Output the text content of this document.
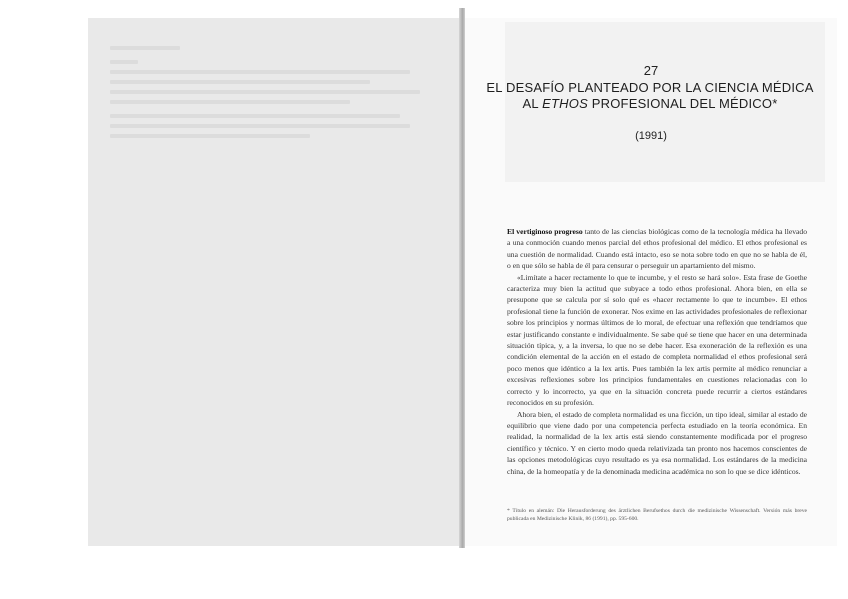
27
EL DESAFÍO PLANTEADO POR LA CIENCIA MÉDICA
AL ETHOS PROFESIONAL DEL MÉDICO*
(1991)

El vertiginoso progreso tanto de las ciencias biológicas como de la tecnología médica ha llevado a una conmoción cuando menos parcial del ethos profesional del médico. El ethos profesional es una cuestión de normalidad. Cuando está intacto, eso se nota sobre todo en que no se habla de él, o en que sólo se habla de él para censurar o perseguir un apartamiento del mismo.

«Limítate a hacer rectamente lo que te incumbe, y el resto se hará solo». Esta frase de Goethe caracteriza muy bien la actitud que subyace a todo ethos profesional. Ahora bien, en ella se presupone que se calcula por sí solo qué es «hacer rectamente lo que te incumbe». El ethos profesional tiene la función de exonerar. Nos exime en las actividades profesionales de reflexionar sobre los principios y normas últimos de lo moral, de efectuar una reflexión que tendríamos que estar justificando constante e individualmente. Se sabe qué se tiene que hacer en una determinada situación típica, y, a la inversa, lo que no se debe hacer. Esa exoneración de la reflexión es una condición elemental de la acción en el estado de completa normalidad el ethos profesional será poco menos que idéntico a la lex artis. Pues también la lex artis permite al médico renunciar a excesivas reflexiones sobre los principios fundamentales en cuestiones relacionadas con lo correcto y lo incorrecto, ya que en la situación concreta puede recurrir a ciertos estándares reconocidos en su profesión.

Ahora bien, el estado de completa normalidad es una ficción, un tipo ideal, similar al estado de equilibrio que viene dado por una competencia perfecta estudiado en la teoría económica. En realidad, la normalidad de la lex artis está siendo constantemente modificada por el progreso científico y técnico. Y en cierto modo queda relativizada tan pronto nos hacemos conscientes de las opciones metodológicas cuyo resultado es ya esa normalidad. Los estándares de la medicina china, de la homeopatía y de la denominada medicina académica no son lo que se dice idénticos.

* Título en alemán: Die Herausforderung des ärztlichen Berufsethos durch die medizinische Wissenschaft. Versión más breve publicada en Medizinische Klinik, 86 (1991), pp. 595-600.
